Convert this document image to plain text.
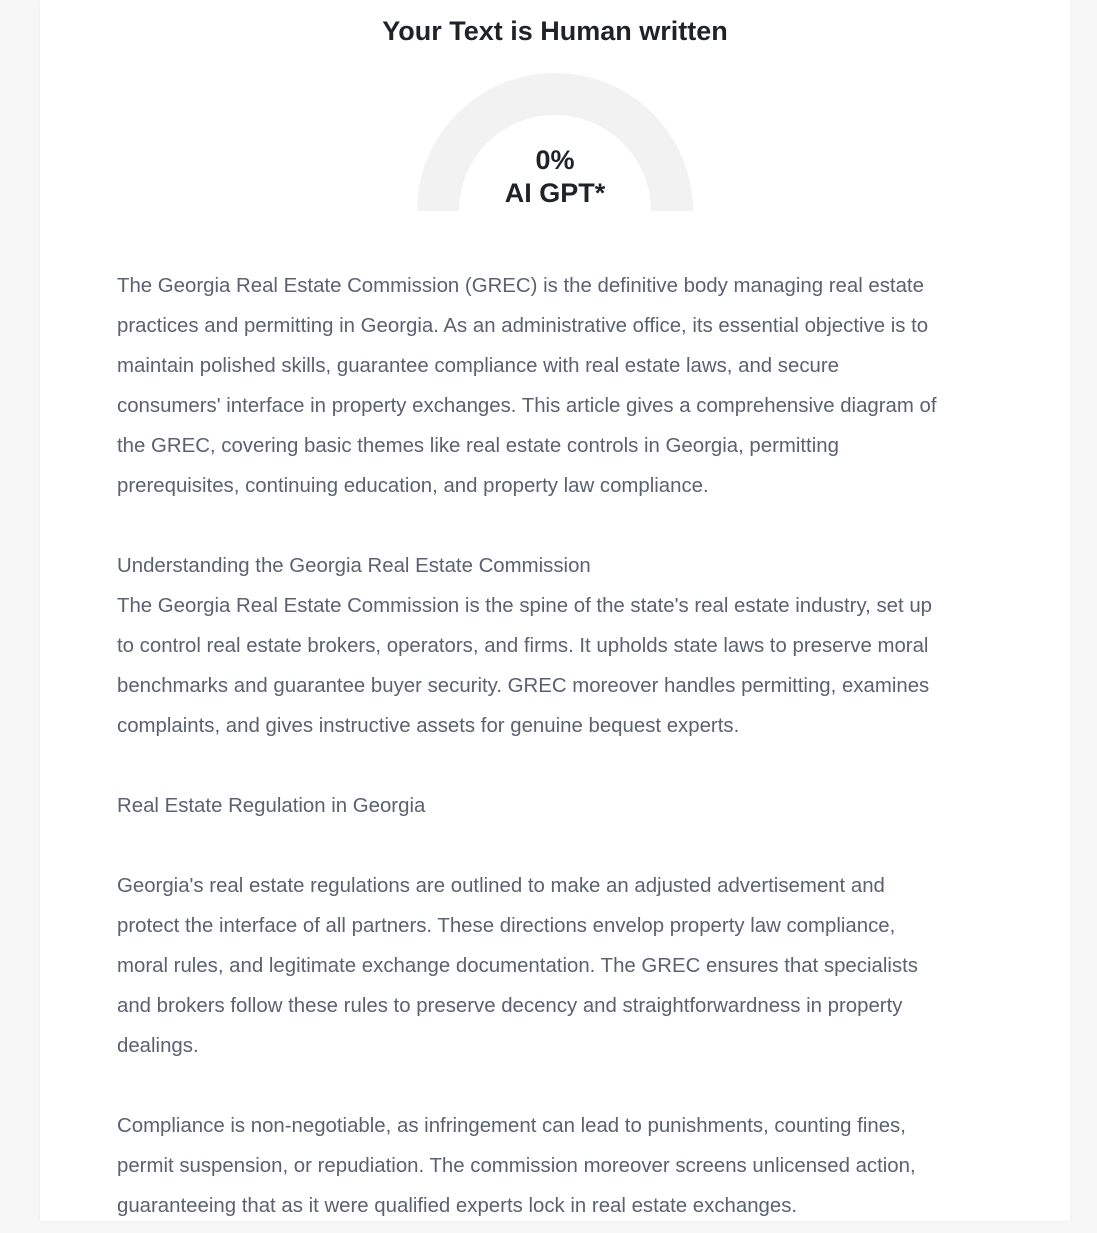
Your Text is Human written
0%
AI GPT*

The Georgia Real Estate Commission (GREC) is the definitive body managing real estate
practices and permitting in Georgia. As an administrative office, its essential objective is to
maintain polished skills, guarantee compliance with real estate laws, and secure
consumers' interface in property exchanges. This article gives a comprehensive diagram of
the GREC, covering basic themes like real estate controls in Georgia, permitting
prerequisites, continuing education, and property law compliance.

Understanding the Georgia Real Estate Commission
The Georgia Real Estate Commission is the spine of the state's real estate industry, set up
to control real estate brokers, operators, and firms. It upholds state laws to preserve moral
benchmarks and guarantee buyer security. GREC moreover handles permitting, examines
complaints, and gives instructive assets for genuine bequest experts.

Real Estate Regulation in Georgia

Georgia's real estate regulations are outlined to make an adjusted advertisement and
protect the interface of all partners. These directions envelop property law compliance,
moral rules, and legitimate exchange documentation. The GREC ensures that specialists
and brokers follow these rules to preserve decency and straightforwardness in property
dealings.

Compliance is non-negotiable, as infringement can lead to punishments, counting fines,
permit suspension, or repudiation. The commission moreover screens unlicensed action,
guaranteeing that as it were qualified experts lock in real estate exchanges.
